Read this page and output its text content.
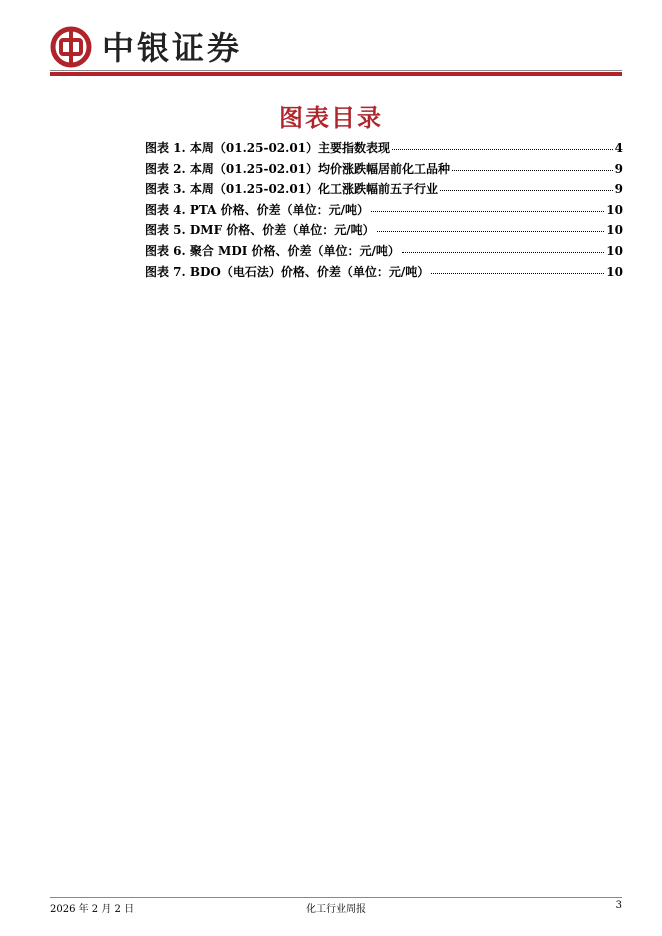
中银证券
图表目录
图表 1. 本周（01.25-02.01）主要指数表现	4
图表 2. 本周（01.25-02.01）均价涨跌幅居前化工品种	9
图表 3. 本周（01.25-02.01）化工涨跌幅前五子行业	9
图表 4. PTA 价格、价差（单位：元/吨）	10
图表 5. DMF 价格、价差（单位：元/吨）	10
图表 6. 聚合 MDI 价格、价差（单位：元/吨）	10
图表 7. BDO（电石法）价格、价差（单位：元/吨）	10
2026 年 2 月 2 日	化工行业周报	3
